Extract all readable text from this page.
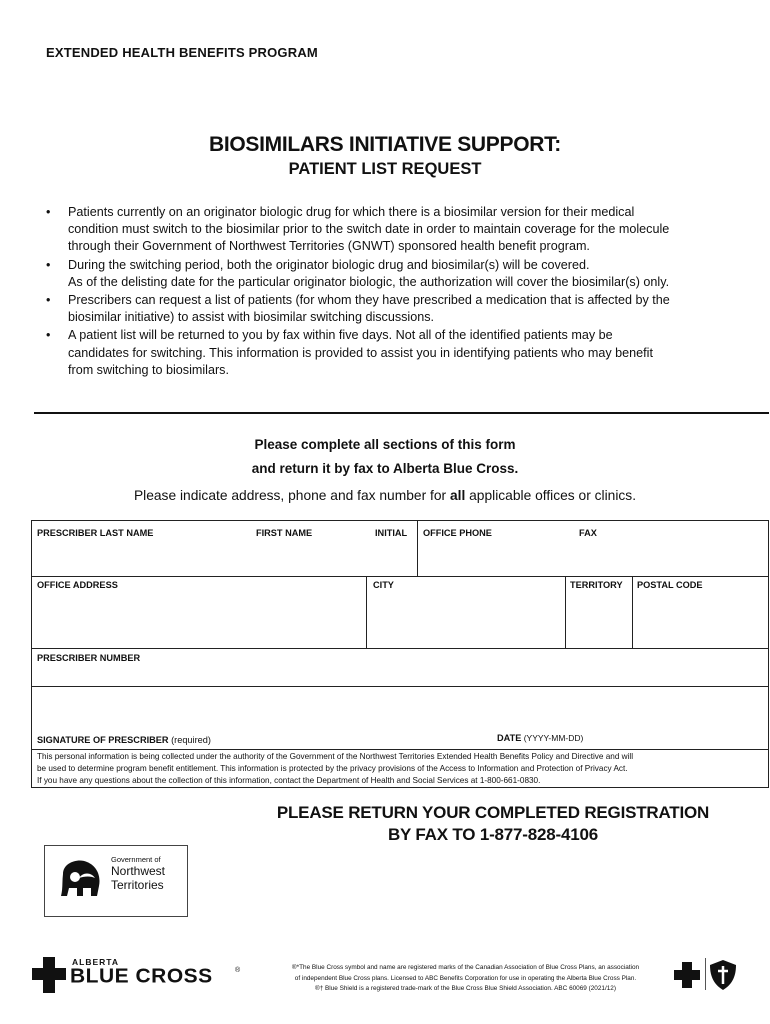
EXTENDED HEALTH BENEFITS PROGRAM
BIOSIMILARS INITIATIVE SUPPORT:
PATIENT LIST REQUEST
• Patients currently on an originator biologic drug for which there is a biosimilar version for their medical
condition must switch to the biosimilar prior to the switch date in order to maintain coverage for the molecule
through their Government of Northwest Territories (GNWT) sponsored health benefit program.
• During the switching period, both the originator biologic drug and biosimilar(s) will be covered.
As of the delisting date for the particular originator biologic, the authorization will cover the biosimilar(s) only.
• Prescribers can request a list of patients (for whom they have prescribed a medication that is affected by the
biosimilar initiative) to assist with biosimilar switching discussions.
• A patient list will be returned to you by fax within five days. Not all of the identified patients may be
candidates for switching. This information is provided to assist you in identifying patients who may benefit
from switching to biosimilars.
Please complete all sections of this form
and return it by fax to Alberta Blue Cross.
Please indicate address, phone and fax number for all applicable offices or clinics.
PRESCRIBER LAST NAME	FIRST NAME	INITIAL OFFICE PHONE	FAX
OFFICE ADDRESS	CITY	TERRITORY POSTAL CODE
PRESCRIBER NUMBER
SIGNATURE OF PRESCRIBER (required)	DATE (YYYY-MM-DD)
This personal information is being collected under the authority of the Government of the Northwest Territories Extended Health Benefits Policy and Directive and will
be used to determine program benefit entitlement. This information is protected by the privacy provisions of the Access to Information and Protection of Privacy Act.
If you have any questions about the collection of this information, contact the Department of Health and Social Services at 1-800-661-0830.
PLEASE RETURN YOUR COMPLETED REGISTRATION
BY FAX TO 1-877-828-4106
Government of
Northwest
Territories
ALBERTA
BLUE CROSS	®	®*The Blue Cross symbol and name are registered marks of the Canadian Association of Blue Cross Plans, an association
of independent Blue Cross plans. Licensed to ABC Benefits Corporation for use in operating the Alberta Blue Cross Plan.
®† Blue Shield is a registered trade-mark of the Blue Cross Blue Shield Association. ABC 60069 (2021/12)
